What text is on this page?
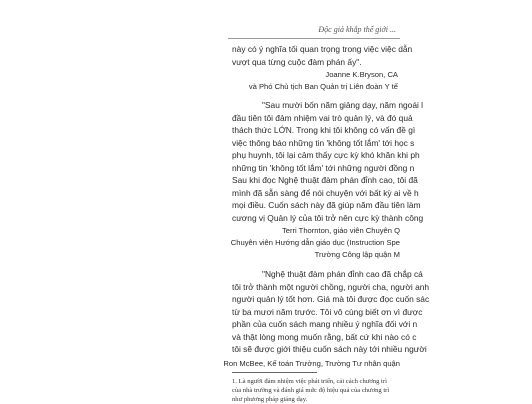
Độc giả khắp thế giới ...
này có ý nghĩa tối quan trọng trong việc việc dẫn
vượt qua từng cuộc đàm phán ấy".
Joanne K.Bryson, CA
và Phó Chủ tịch Ban Quản trị Liên đoàn Y tế
"Sau mười bốn năm giảng dạy, năm ngoái l
đầu tiên tôi đảm nhiệm vai trò quản lý, và đó quả
thách thức LỚN. Trong khi tôi không có vấn đề gì
việc thông báo những tin 'không tốt lắm' tới học s
phụ huynh, tôi lại cảm thấy cực kỳ khó khăn khi ph
những tin 'không tốt lắm' tới những người đồng n
Sau khi đọc Nghệ thuật đàm phán đỉnh cao, tôi đã
mình đã sẵn sàng để nói chuyện với bất kỳ ai về h
mọi điều. Cuốn sách này đã giúp năm đầu tiên làm
cương vị Quản lý của tôi trở nên cực kỳ thành công
Terri Thornton, giáo viên Chuyên Q
Chuyên viên Hướng dẫn giáo dục (Instruction Spe
Trường Công lập quận M
"Nghệ thuật đàm phán đỉnh cao đã chắp cá
tôi trở thành một người chồng, người cha, người anh
người quản lý tốt hơn. Giá mà tôi được đọc cuốn sác
từ ba mươi năm trước. Tôi vô cùng biết ơn vì được
phần của cuốn sách mang nhiều ý nghĩa đối với n
và thật lòng mong muốn rằng, bất cứ khi nào có c
tôi sẽ được giới thiệu cuốn sách này tới nhiều người
Ron McBee, Kế toán Trưởng, Trường Tư nhân quận
1. Là người đảm nhiệm việc phát triển, cải cách chương trì
của nhà trường và đánh giá mức độ hiệu quả của chương trì
như phương pháp giảng dạy.
